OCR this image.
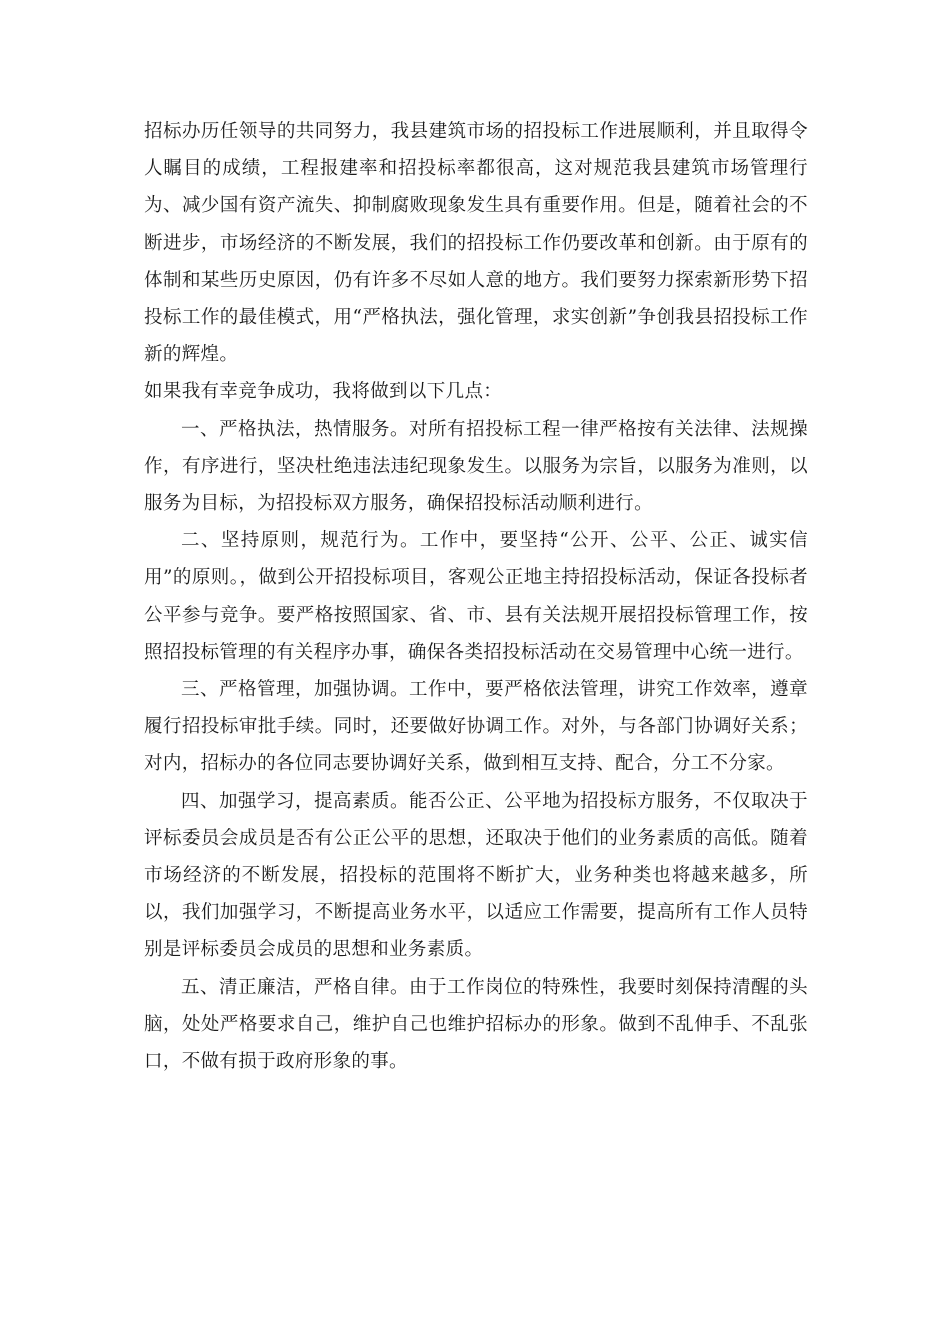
招标办历任领导的共同努力，我县建筑市场的招投标工作进展顺利，并且取得令人瞩目的成绩，工程报建率和招投标率都很高，这对规范我县建筑市场管理行为、减少国有资产流失、抑制腐败现象发生具有重要作用。但是，随着社会的不断进步，市场经济的不断发展，我们的招投标工作仍要改革和创新。由于原有的体制和某些历史原因，仍有许多不尽如人意的地方。我们要努力探索新形势下招投标工作的最佳模式，用“严格执法，强化管理，求实创新”争创我县招投标工作新的辉煌。

如果我有幸竞争成功，我将做到以下几点：

一、严格执法，热情服务。对所有招投标工程一律严格按有关法律、法规操作，有序进行，坚决杜绝违法违纪现象发生。以服务为宗旨，以服务为准则，以服务为目标，为招投标双方服务，确保招投标活动顺利进行。

二、坚持原则，规范行为。工作中，要坚持“公开、公平、公正、诚实信用”的原则。，做到公开招投标项目，客观公正地主持招投标活动，保证各投标者公平参与竞争。要严格按照国家、省、市、县有关法规开展招投标管理工作，按照招投标管理的有关程序办事，确保各类招投标活动在交易管理中心统一进行。

三、严格管理，加强协调。工作中，要严格依法管理，讲究工作效率，遵章履行招投标审批手续。同时，还要做好协调工作。对外，与各部门协调好关系；对内，招标办的各位同志要协调好关系，做到相互支持、配合，分工不分家。

四、加强学习，提高素质。能否公正、公平地为招投标方服务，不仅取决于评标委员会成员是否有公正公平的思想，还取决于他们的业务素质的高低。随着市场经济的不断发展，招投标的范围将不断扩大，业务种类也将越来越多，所以，我们加强学习，不断提高业务水平，以适应工作需要，提高所有工作人员特别是评标委员会成员的思想和业务素质。

五、清正廉洁，严格自律。由于工作岗位的特殊性，我要时刻保持清醒的头脑，处处严格要求自己，维护自己也维护招标办的形象。做到不乱伸手、不乱张口，不做有损于政府形象的事。
